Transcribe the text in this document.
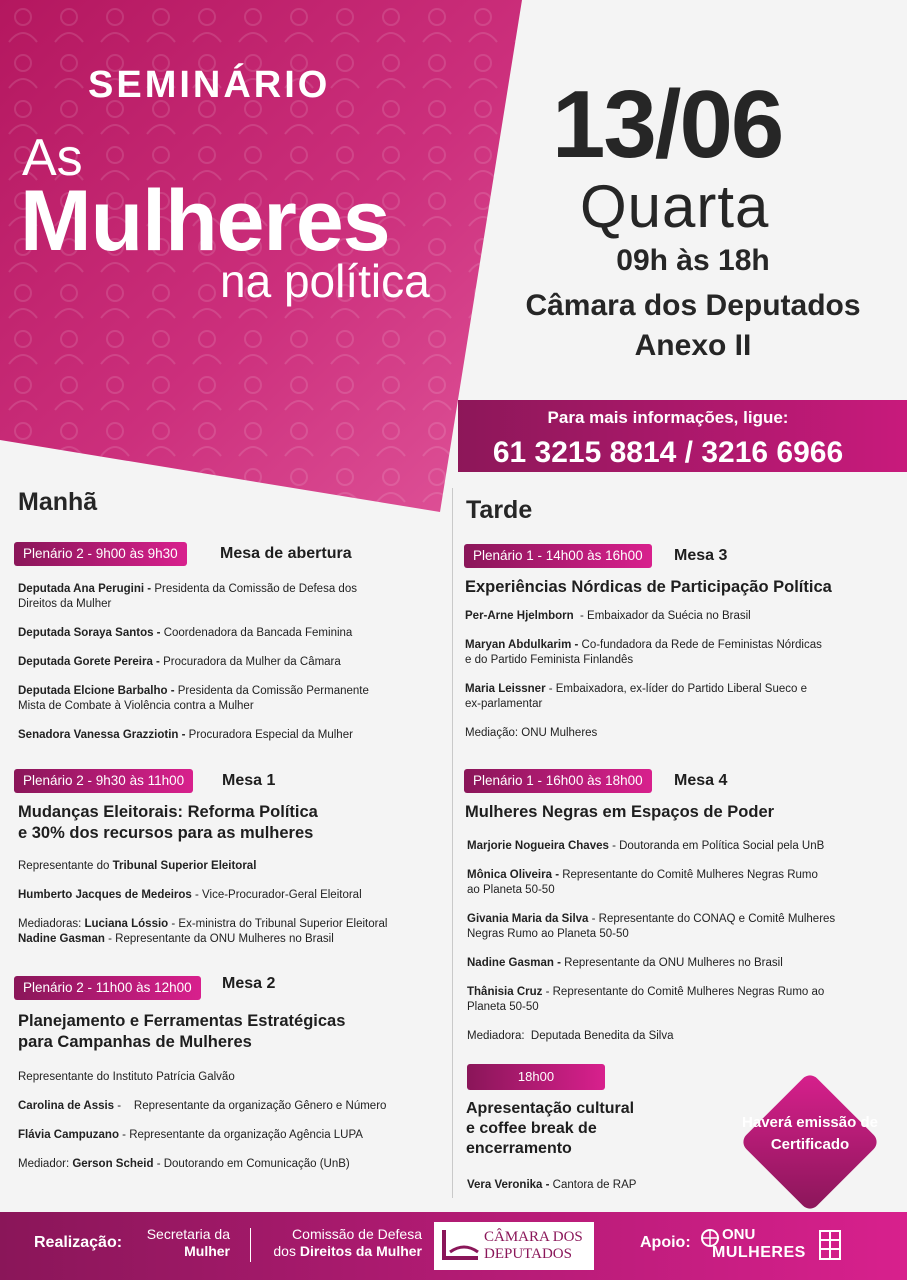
SEMINÁRIO
As
Mulheres
na política
13/06
Quarta
09h às 18h
Câmara dos Deputados
Anexo II
Para mais informações, ligue:
61 3215 8814 / 3216 6966
Manhã
Plenário 2 - 9h00 às 9h30	Mesa de abertura
Deputada Ana Perugini - Presidenta da Comissão de Defesa dos
Direitos da Mulher
Deputada Soraya Santos - Coordenadora da Bancada Feminina
Deputada Gorete Pereira - Procuradora da Mulher da Câmara
Deputada Elcione Barbalho - Presidenta da Comissão Permanente
Mista de Combate à Violência contra a Mulher
Senadora Vanessa Grazziotin - Procuradora Especial da Mulher
Plenário 2 - 9h30 às 11h00	Mesa 1
Mudanças Eleitorais: Reforma Política
e 30% dos recursos para as mulheres
Representante do Tribunal Superior Eleitoral
Humberto Jacques de Medeiros - Vice-Procurador-Geral Eleitoral
Mediadoras: Luciana Lóssio - Ex-ministra do Tribunal Superior Eleitoral
Nadine Gasman - Representante da ONU Mulheres no Brasil
Plenário 2 - 11h00 às 12h00	Mesa 2
Planejamento e Ferramentas Estratégicas
para Campanhas de Mulheres
Representante do Instituto Patrícia Galvão
Carolina de Assis -    Representante da organização Gênero e Número
Flávia Campuzano - Representante da organização Agência LUPA
Mediador: Gerson Scheid - Doutorando em Comunicação (UnB)
Tarde
Plenário 1 - 14h00 às 16h00	Mesa 3
Experiências Nórdicas de Participação Política
Per-Arne Hjelmborn  - Embaixador da Suécia no Brasil
Maryan Abdulkarim - Co-fundadora da Rede de Feministas Nórdicas
e do Partido Feminista Finlandês
Maria Leissner - Embaixadora, ex-líder do Partido Liberal Sueco e
ex-parlamentar
Mediação: ONU Mulheres
Plenário 1 - 16h00 às 18h00	Mesa 4
Mulheres Negras em Espaços de Poder
Marjorie Nogueira Chaves - Doutoranda em Política Social pela UnB
Mônica Oliveira - Representante do Comitê Mulheres Negras Rumo
ao Planeta 50-50
Givania Maria da Silva - Representante do CONAQ e Comitê Mulheres
Negras Rumo ao Planeta 50-50
Nadine Gasman - Representante da ONU Mulheres no Brasil
Thânisia Cruz - Representante do Comitê Mulheres Negras Rumo ao
Planeta 50-50
Mediadora:  Deputada Benedita da Silva
18h00
Apresentação cultural
e coffee break de
encerramento
Vera Veronika - Cantora de RAP
Haverá emissão de
Certificado
Realização:	Secretaria da
Mulher
Comissão de Defesa
dos Direitos da Mulher
CÂMARA DOS
DEPUTADOS
Apoio: ONU
MULHERES
